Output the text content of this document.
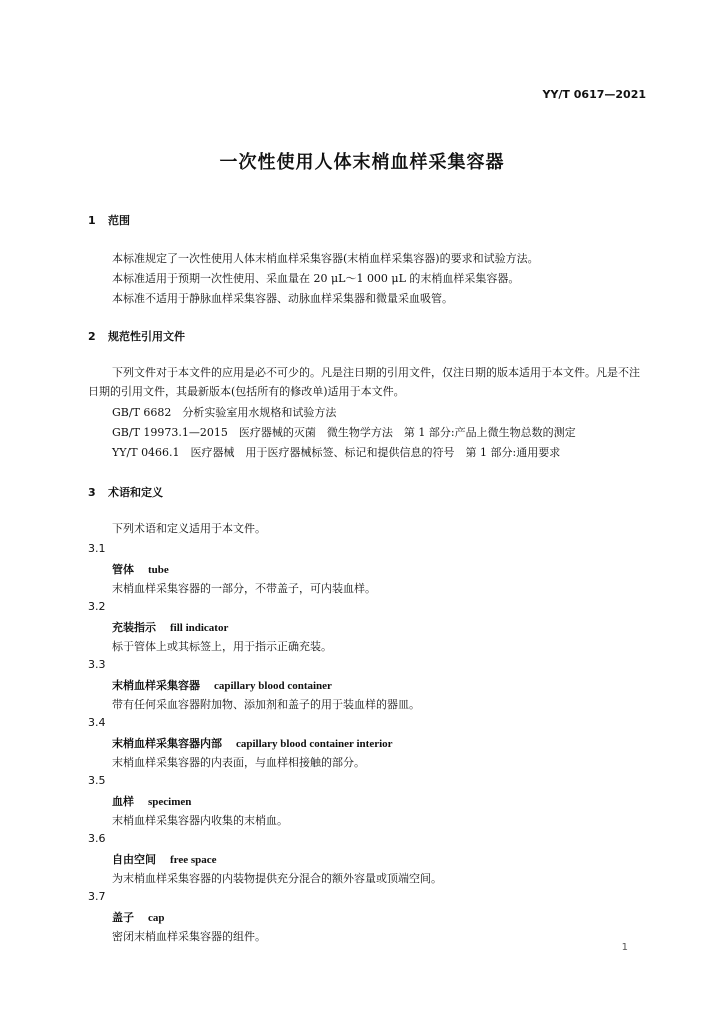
YY/T 0617—2021
一次性使用人体末梢血样采集容器
1 范围
本标准规定了一次性使用人体末梢血样采集容器(末梢血样采集容器)的要求和试验方法。
本标准适用于预期一次性使用、采血量在 20 μL～1 000 μL 的末梢血样采集容器。
本标准不适用于静脉血样采集容器、动脉血样采集器和微量采血吸管。
2 规范性引用文件
下列文件对于本文件的应用是必不可少的。凡是注日期的引用文件，仅注日期的版本适用于本文件。凡是不注日期的引用文件，其最新版本(包括所有的修改单)适用于本文件。
GB/T 6682　分析实验室用水规格和试验方法
GB/T 19973.1—2015　医疗器械的灭菌　微生物学方法　第 1 部分:产品上微生物总数的测定
YY/T 0466.1　医疗器械　用于医疗器械标签、标记和提供信息的符号　第 1 部分:通用要求
3 术语和定义
下列术语和定义适用于本文件。
3.1
管体 tube
末梢血样采集容器的一部分，不带盖子，可内装血样。
3.2
充装指示 fill indicator
标于管体上或其标签上，用于指示正确充装。
3.3
末梢血样采集容器 capillary blood container
带有任何采血容器附加物、添加剂和盖子的用于装血样的器皿。
3.4
末梢血样采集容器内部 capillary blood container interior
末梢血样采集容器的内表面，与血样相接触的部分。
3.5
血样 specimen
末梢血样采集容器内收集的末梢血。
3.6
自由空间 free space
为末梢血样采集容器的内装物提供充分混合的额外容量或顶端空间。
3.7
盖子 cap
密闭末梢血样采集容器的组件。
1
